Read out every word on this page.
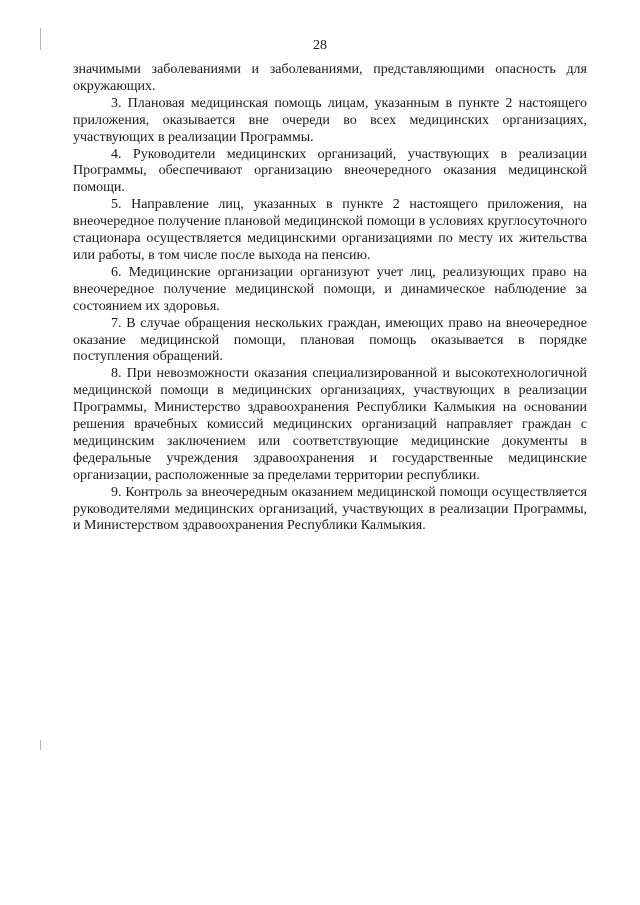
28

значимыми заболеваниями и заболеваниями, представляющими опасность для окружающих.

3. Плановая медицинская помощь лицам, указанным в пункте 2 настоящего приложения, оказывается вне очереди во всех медицинских организациях, участвующих в реализации Программы.

4. Руководители медицинских организаций, участвующих в реализации Программы, обеспечивают организацию внеочередного оказания медицинской помощи.

5. Направление лиц, указанных в пункте 2 настоящего приложения, на внеочередное получение плановой медицинской помощи в условиях круглосуточного стационара осуществляется медицинскими организациями по месту их жительства или работы, в том числе после выхода на пенсию.

6. Медицинские организации организуют учет лиц, реализующих право на внеочередное получение медицинской помощи, и динамическое наблюдение за состоянием их здоровья.

7. В случае обращения нескольких граждан, имеющих право на внеочередное оказание медицинской помощи, плановая помощь оказывается в порядке поступления обращений.

8. При невозможности оказания специализированной и высокотехнологичной медицинской помощи в медицинских организациях, участвующих в реализации Программы, Министерство здравоохранения Республики Калмыкия на основании решения врачебных комиссий медицинских организаций направляет граждан с медицинским заключением или соответствующие медицинские документы в федеральные учреждения здравоохранения и государственные медицинские организации, расположенные за пределами территории республики.

9. Контроль за внеочередным оказанием медицинской помощи осуществляется руководителями медицинских организаций, участвующих в реализации Программы, и Министерством здравоохранения Республики Калмыкия.
